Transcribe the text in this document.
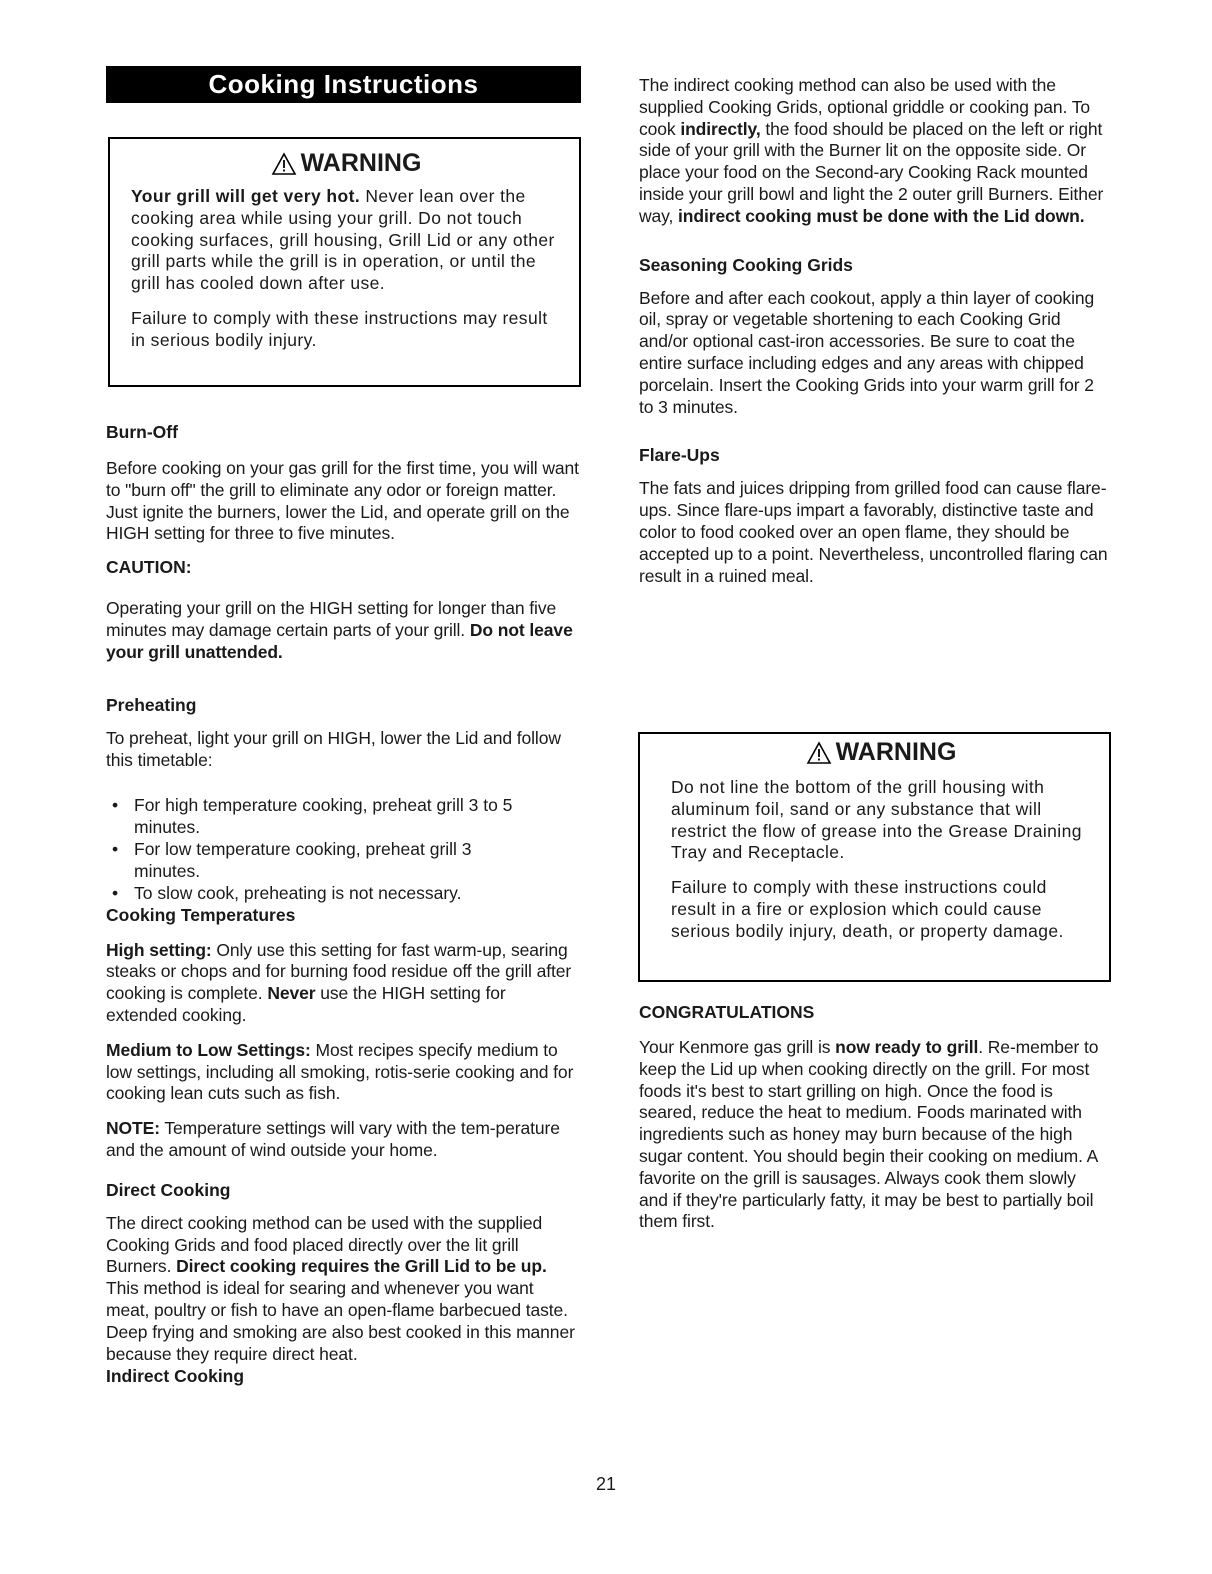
Cooking Instructions
WARNING

Your grill will get very hot. Never lean over the cooking area while using your grill. Do not touch cooking surfaces, grill housing, Grill Lid or any other grill parts while the grill is in operation, or until the grill has cooled down after use.

Failure to comply with these instructions may result in serious bodily injury.

Burn-Off

Before cooking on your gas grill for the first time, you will want to "burn off" the grill to eliminate any odor or foreign matter. Just ignite the burners, lower the Lid, and operate grill on the HIGH setting for three to five minutes.

CAUTION:

Operating your grill on the HIGH setting for longer than five minutes may damage certain parts of your grill. Do not leave your grill unattended.

Preheating

To preheat, light your grill on HIGH, lower the Lid and follow this timetable:

• For high temperature cooking, preheat grill 3 to 5 minutes.
• For low temperature cooking, preheat grill 3 minutes.
• To slow cook, preheating is not necessary.

Cooking Temperatures

High setting: Only use this setting for fast warm-up, searing steaks or chops and for burning food residue off the grill after cooking is complete. Never use the HIGH setting for extended cooking.

Medium to Low Settings: Most recipes specify medium to low settings, including all smoking, rotis-serie cooking and for cooking lean cuts such as fish.

NOTE: Temperature settings will vary with the tem-perature and the amount of wind outside your home.

Direct Cooking

The direct cooking method can be used with the supplied Cooking Grids and food placed directly over the lit grill Burners. Direct cooking requires the Grill Lid to be up. This method is ideal for searing and whenever you want meat, poultry or fish to have an open-flame barbecued taste. Deep frying and smoking are also best cooked in this manner because they require direct heat.

Indirect Cooking

The indirect cooking method can also be used with the supplied Cooking Grids, optional griddle or cooking pan. To cook indirectly, the food should be placed on the left or right side of your grill with the Burner lit on the opposite side. Or place your food on the Second-ary Cooking Rack mounted inside your grill bowl and light the 2 outer grill Burners. Either way, indirect cooking must be done with the Lid down.

Seasoning Cooking Grids

Before and after each cookout, apply a thin layer of cooking oil, spray or vegetable shortening to each Cooking Grid and/or optional cast-iron accessories. Be sure to coat the entire surface including edges and any areas with chipped porcelain. Insert the Cooking Grids into your warm grill for 2 to 3 minutes.

Flare-Ups

The fats and juices dripping from grilled food can cause flare-ups. Since flare-ups impart a favorably, distinctive taste and color to food cooked over an open flame, they should be accepted up to a point. Nevertheless, uncontrolled flaring can result in a ruined meal.

WARNING

Do not line the bottom of the grill housing with aluminum foil, sand or any substance that will restrict the flow of grease into the Grease Draining Tray and Receptacle.

Failure to comply with these instructions could result in a fire or explosion which could cause serious bodily injury, death, or property damage.

CONGRATULATIONS

Your Kenmore gas grill is now ready to grill. Re-member to keep the Lid up when cooking directly on the grill. For most foods it's best to start grilling on high. Once the food is seared, reduce the heat to medium. Foods marinated with ingredients such as honey may burn because of the high sugar content. You should begin their cooking on medium. A favorite on the grill is sausages. Always cook them slowly and if they're particularly fatty, it may be best to partially boil them first.

21
